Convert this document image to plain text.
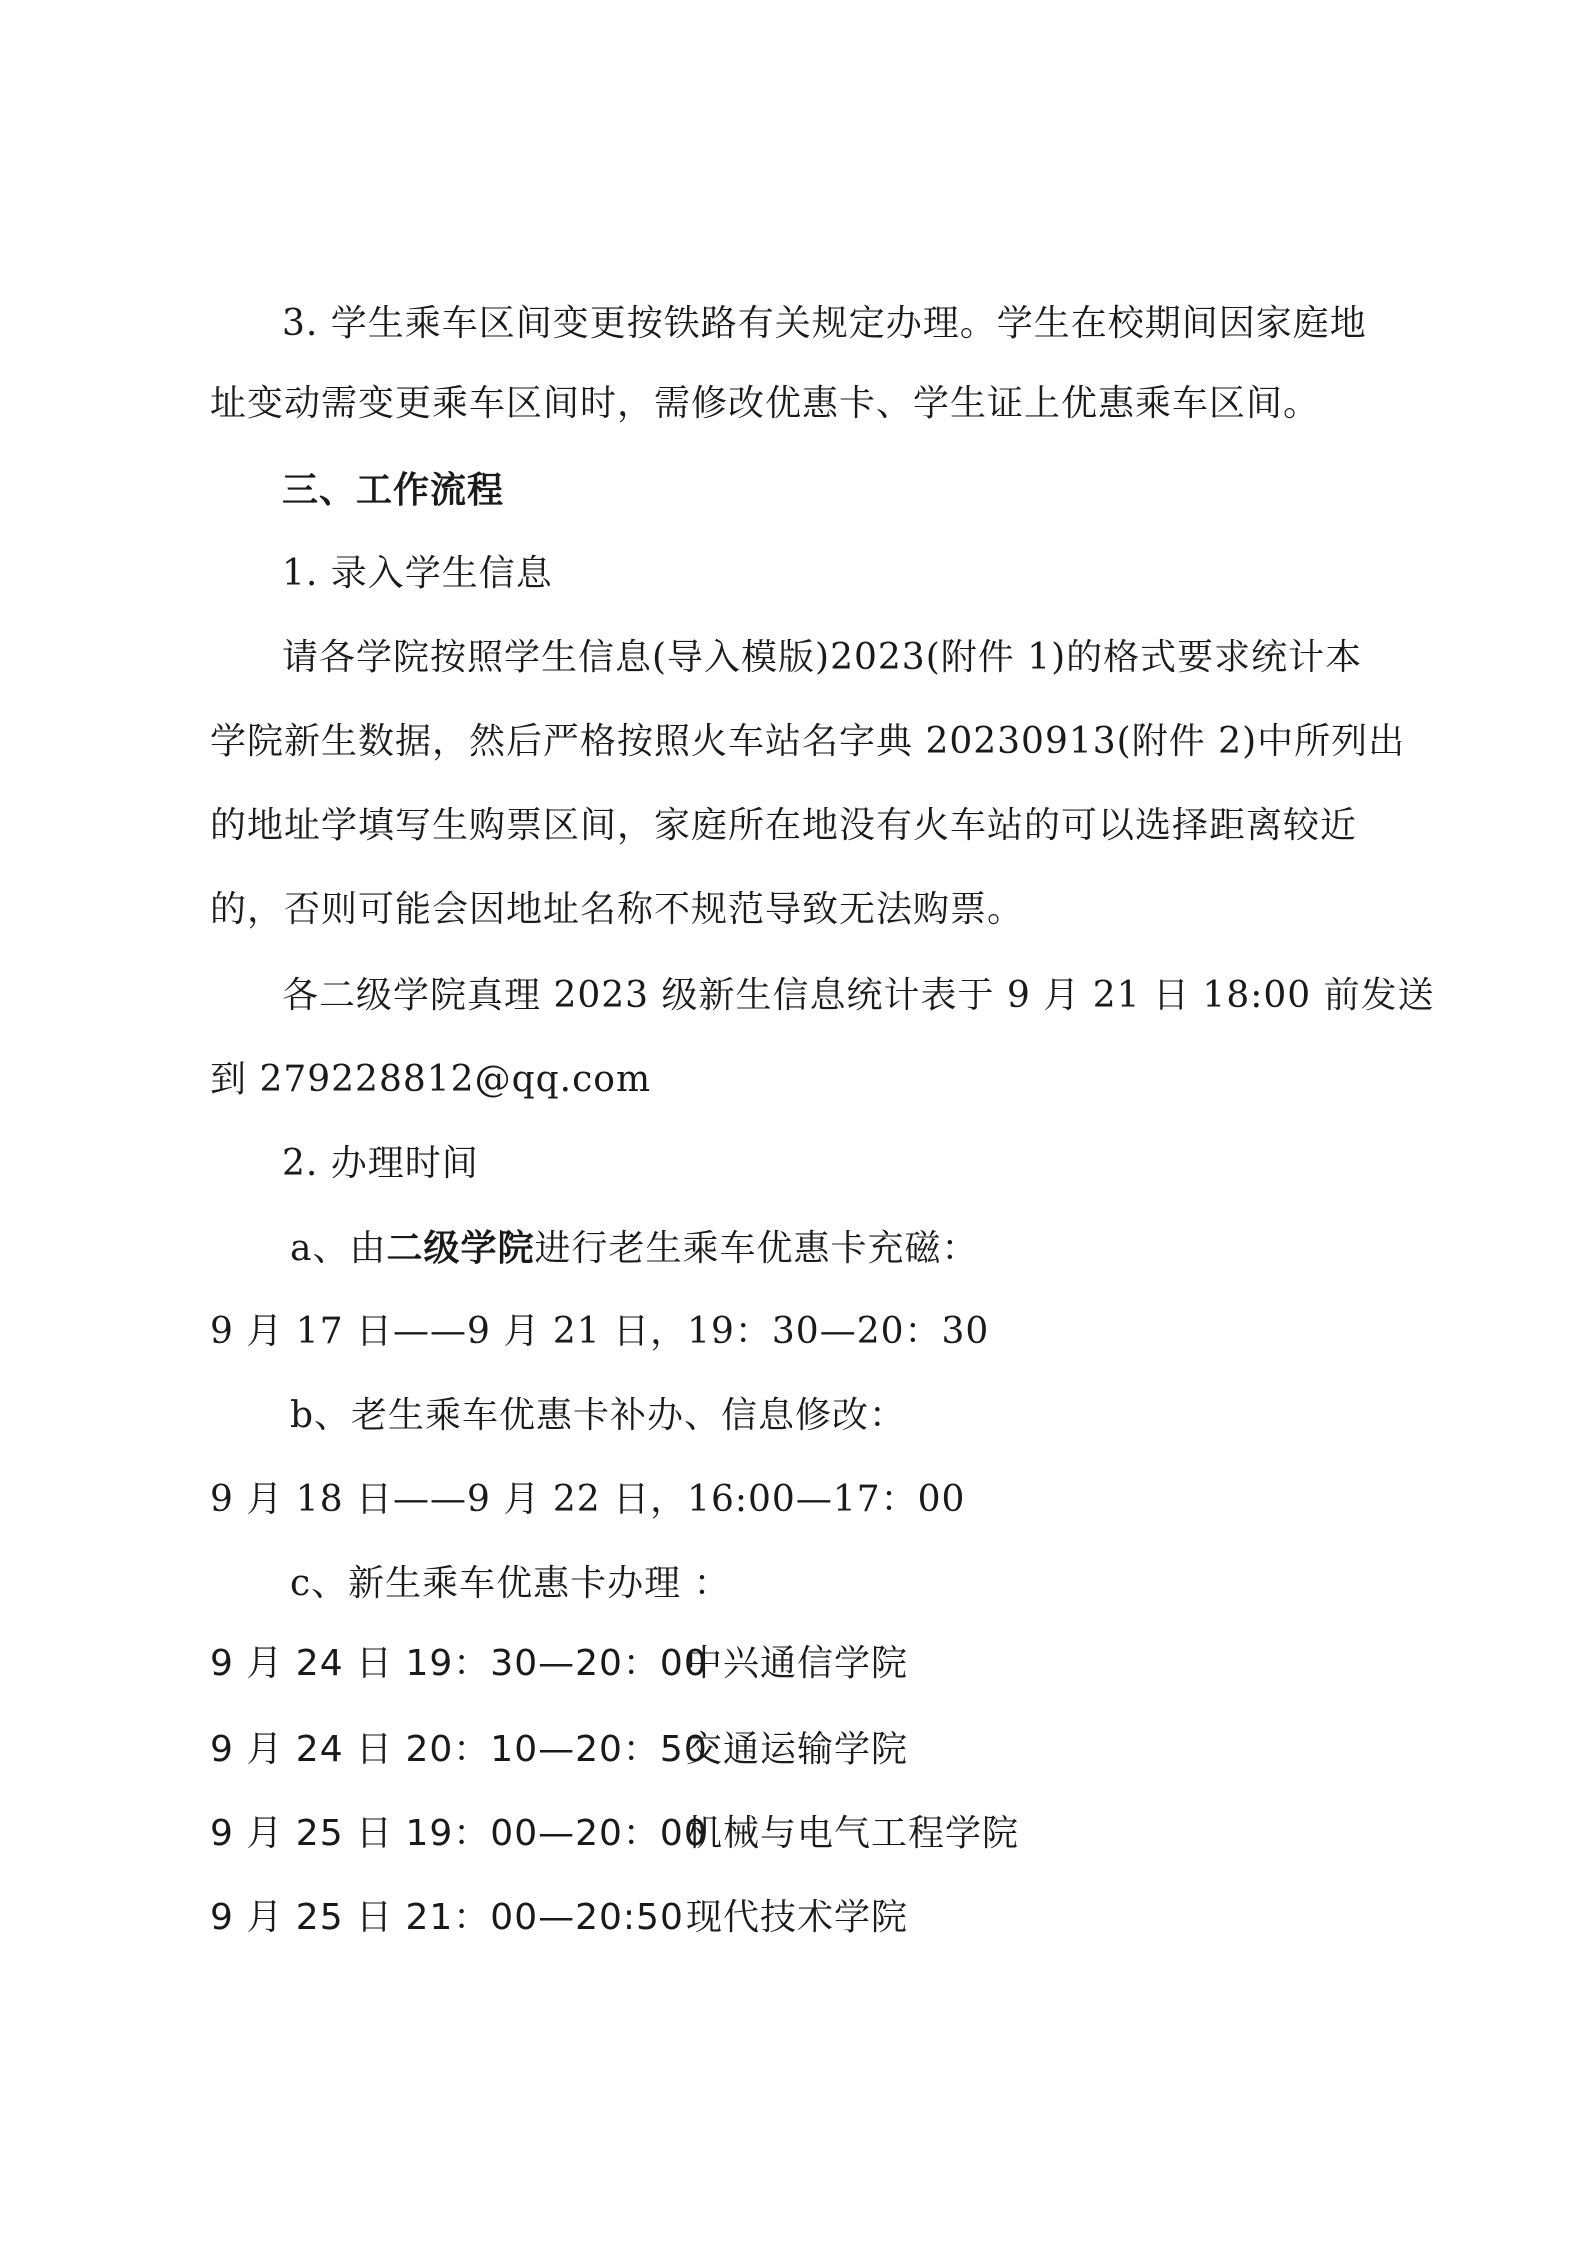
3. 学生乘车区间变更按铁路有关规定办理。学生在校期间因家庭地
址变动需变更乘车区间时，需修改优惠卡、学生证上优惠乘车区间。
三、工作流程
1. 录入学生信息
请各学院按照学生信息(导入模版)2023(附件 1)的格式要求统计本
学院新生数据，然后严格按照火车站名字典 20230913(附件 2)中所列出
的地址学填写生购票区间，家庭所在地没有火车站的可以选择距离较近
的，否则可能会因地址名称不规范导致无法购票。
各二级学院真理 2023 级新生信息统计表于 9 月 21 日 18:00 前发送
到 279228812@qq.com
2. 办理时间
a、由二级学院进行老生乘车优惠卡充磁：
9 月 17 日——9 月 21 日，19：30—20：30
b、老生乘车优惠卡补办、信息修改：
9 月 18 日——9 月 22 日，16:00—17：00
c、新生乘车优惠卡办理 ：
9 月 24 日 19：30—20：00
中兴通信学院
9 月 24 日 20：10—20：50
交通运输学院
9 月 25 日 19：00—20：00
机械与电气工程学院
9 月 25 日 21：00—20:50 现代技术学院
